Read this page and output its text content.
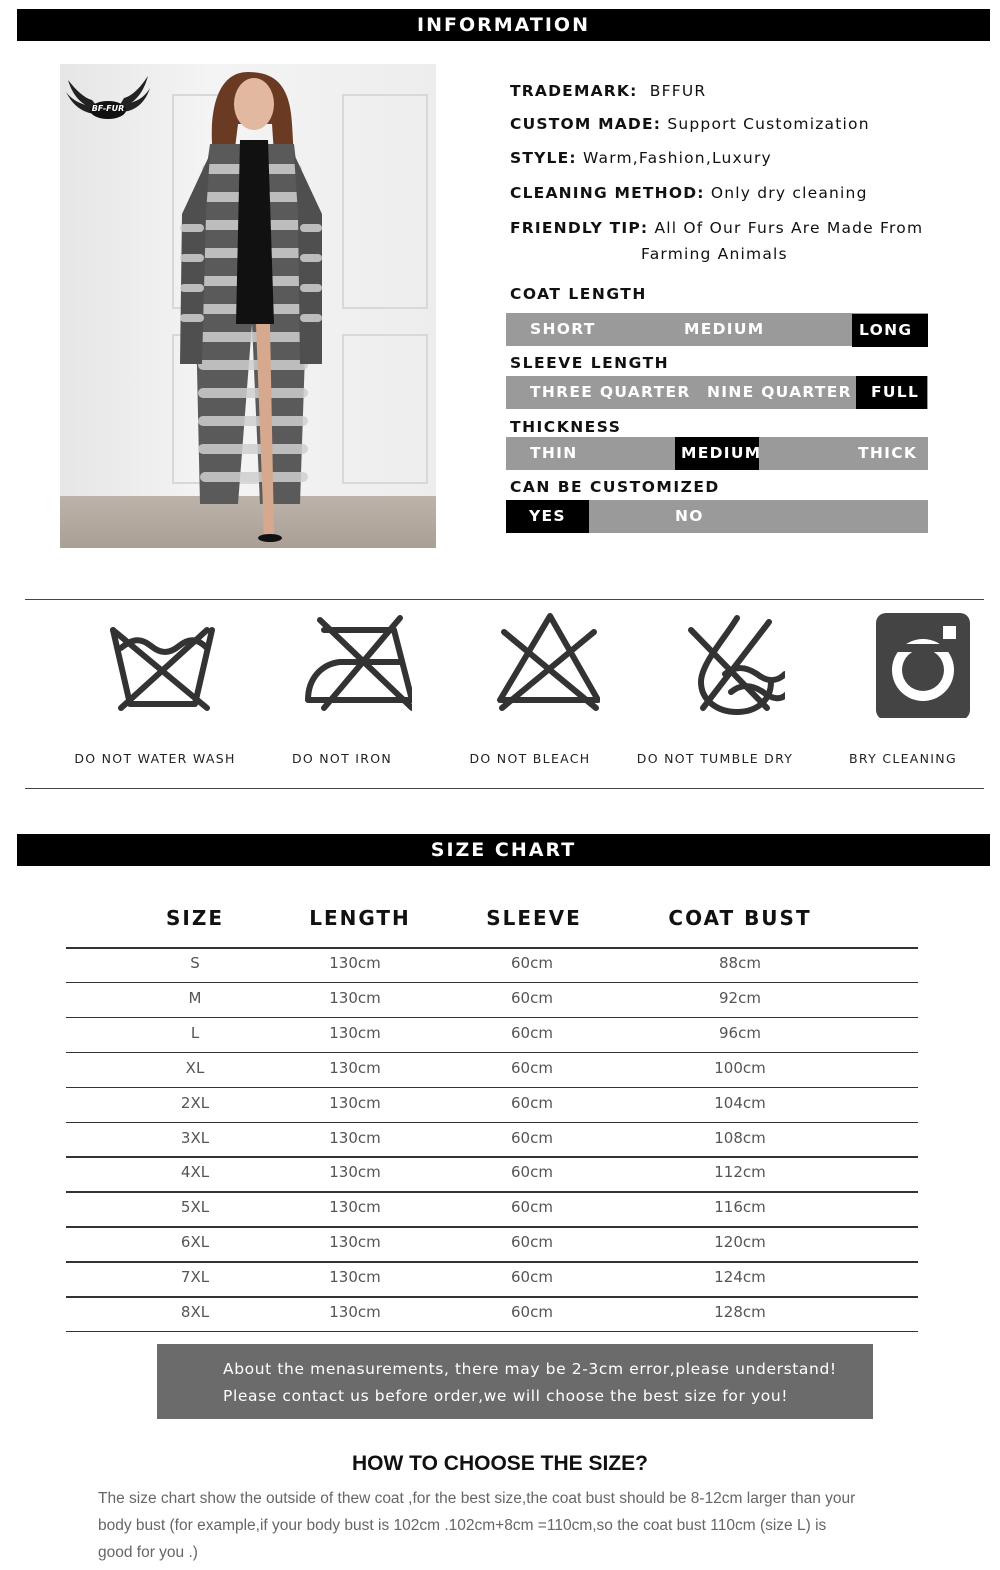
INFORMATION
BF-FUR
TRADEMARK: BFFUR
CUSTOM MADE: Support Customization
STYLE: Warm,Fashion,Luxury
CLEANING METHOD: Only dry cleaning
FRIENDLY TIP: All Of Our Furs Are Made From
Farming Animals
COAT LENGTH
SHORT	MEDIUM	LONG
SLEEVE LENGTH
THREE QUARTER NINE QUARTER	FULL
THICKNESS
THIN	MEDIUM	THICK
CAN BE CUSTOMIZED
YES	NO
DO NOT WATER WASH	DO NOT IRON	DO NOT BLEACH	DO NOT TUMBLE DRY	BRY CLEANING
SIZE CHART
SIZE	LENGTH	SLEEVE	COAT BUST
S	130cm	60cm	88cm
M	130cm	60cm	92cm
L	130cm	60cm	96cm
XL	130cm	60cm	100cm
2XL	130cm	60cm	104cm
3XL	130cm	60cm	108cm
4XL	130cm	60cm	112cm
5XL	130cm	60cm	116cm
6XL	130cm	60cm	120cm
7XL	130cm	60cm	124cm
8XL	130cm	60cm	128cm
About the menasurements, there may be 2-3cm error,please understand!
Please contact us before order,we will choose the best size for you!
HOW TO CHOOSE THE SIZE?
The size chart show the outside of thew coat ,for the best size,the coat bust should be 8-12cm larger than your
body bust (for example,if your body bust is 102cm .102cm+8cm =110cm,so the coat bust 110cm (size L) is
good for you .)
